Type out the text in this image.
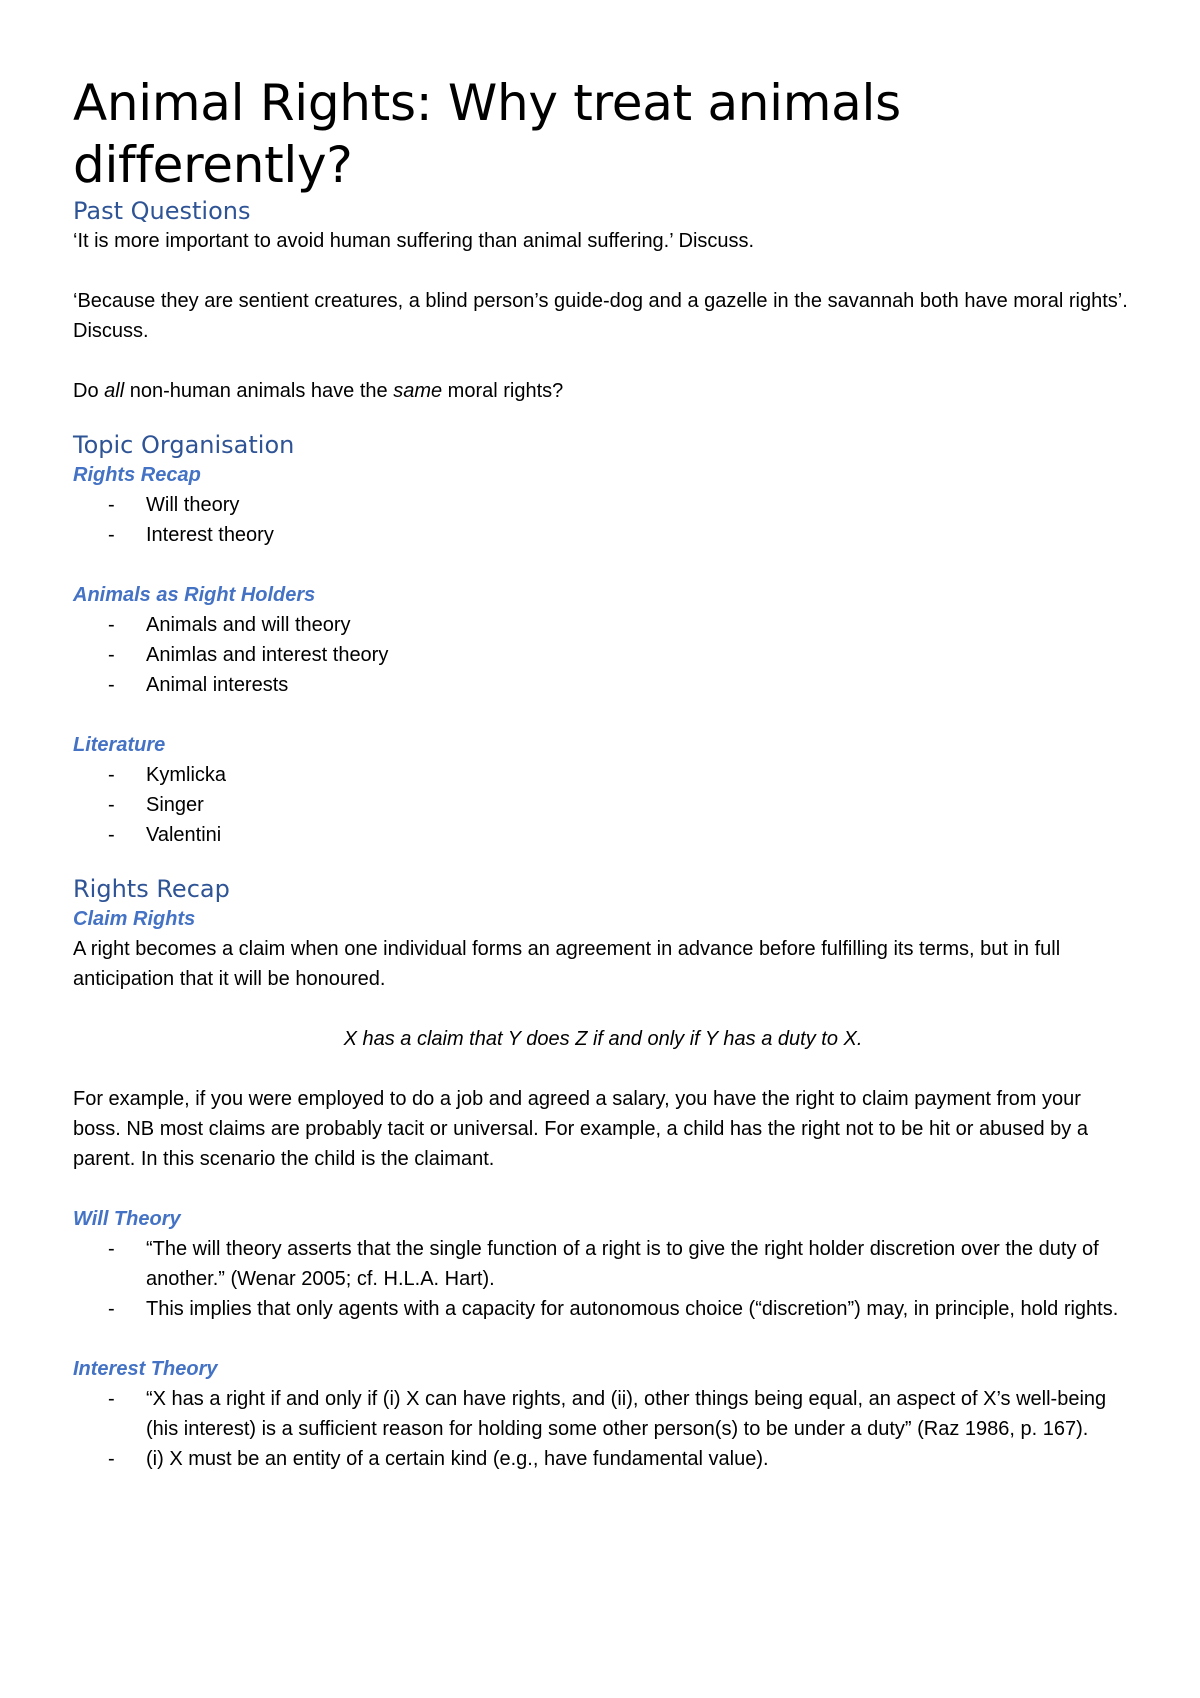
Animal Rights: Why treat animals differently?
Past Questions

‘It is more important to avoid human suffering than animal suffering.’ Discuss.

‘Because they are sentient creatures, a blind person’s guide-dog and a gazelle in the savannah both have moral rights’. Discuss.

Do all non-human animals have the same moral rights?

Topic Organisation
Rights Recap
- Will theory
- Interest theory
Animals as Right Holders
- Animals and will theory
- Animlas and interest theory
- Animal interests
Literature
- Kymlicka
- Singer
- Valentini
Rights Recap
Claim Rights

A right becomes a claim when one individual forms an agreement in advance before fulfilling its terms, but in full anticipation that it will be honoured.

X has a claim that Y does Z if and only if Y has a duty to X.

For example, if you were employed to do a job and agreed a salary, you have the right to claim payment from your boss. NB most claims are probably tacit or universal. For example, a child has the right not to be hit or abused by a parent. In this scenario the child is the claimant.

Will Theory
- “The will theory asserts that the single function of a right is to give the right holder discretion over the duty of another.” (Wenar 2005; cf. H.L.A. Hart).
- This implies that only agents with a capacity for autonomous choice (“discretion”) may, in principle, hold rights.
Interest Theory
- “X has a right if and only if (i) X can have rights, and (ii), other things being equal, an aspect of X’s well-being (his interest) is a sufficient reason for holding some other person(s) to be under a duty” (Raz 1986, p. 167).
- (i) X must be an entity of a certain kind (e.g., have fundamental value).
